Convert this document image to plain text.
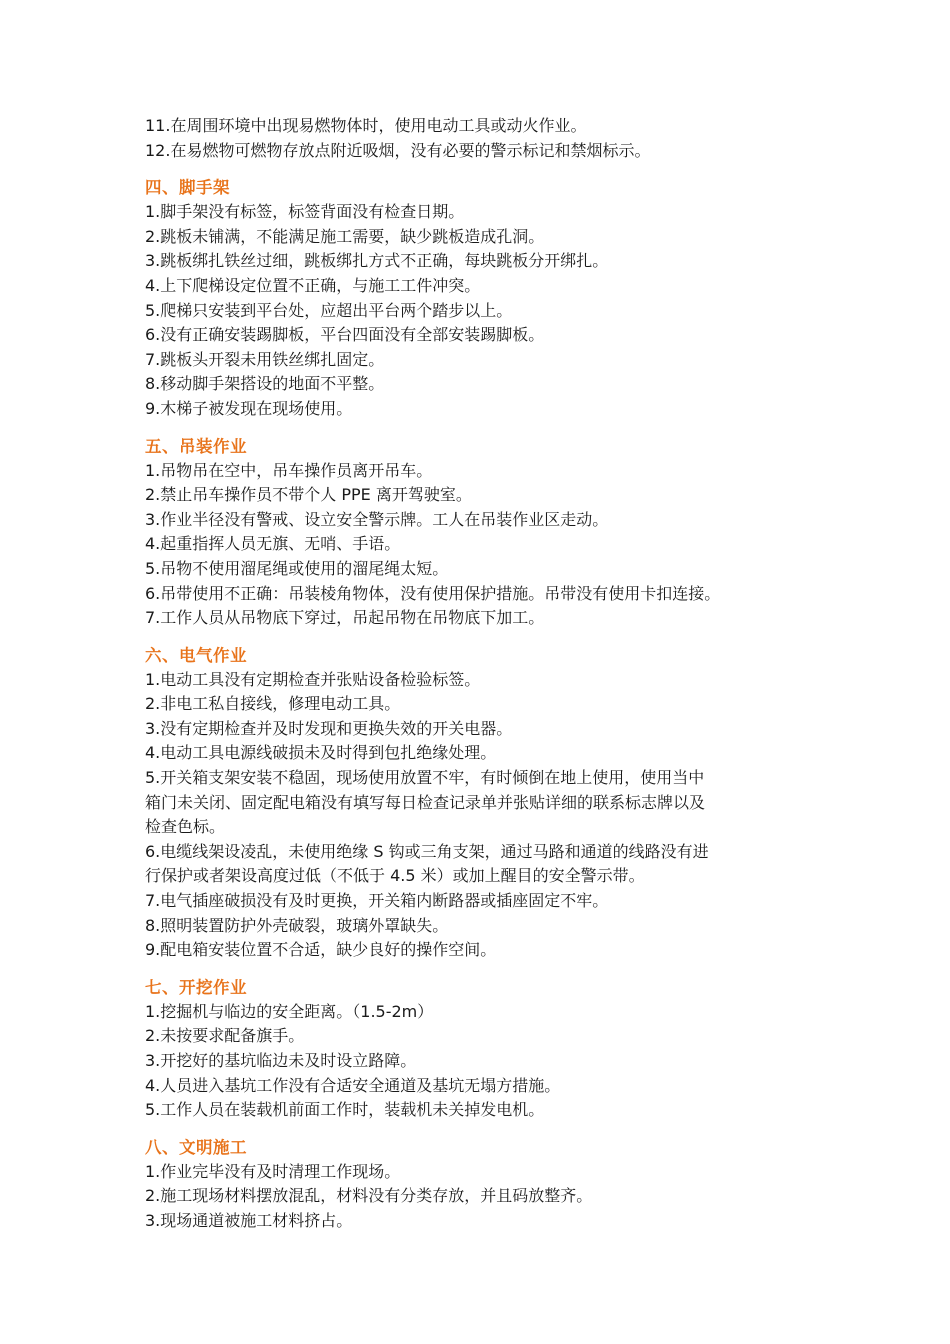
11.在周围环境中出现易燃物体时，使用电动工具或动火作业。
12.在易燃物可燃物存放点附近吸烟，没有必要的警示标记和禁烟标示。
四、脚手架
1.脚手架没有标签，标签背面没有检查日期。
2.跳板未铺满，不能满足施工需要，缺少跳板造成孔洞。
3.跳板绑扎铁丝过细，跳板绑扎方式不正确，每块跳板分开绑扎。
4.上下爬梯设定位置不正确，与施工工件冲突。
5.爬梯只安装到平台处，应超出平台两个踏步以上。
6.没有正确安装踢脚板，平台四面没有全部安装踢脚板。
7.跳板头开裂未用铁丝绑扎固定。
8.移动脚手架搭设的地面不平整。
9.木梯子被发现在现场使用。
五、吊装作业
1.吊物吊在空中，吊车操作员离开吊车。
2.禁止吊车操作员不带个人 PPE 离开驾驶室。
3.作业半径没有警戒、设立安全警示牌。工人在吊装作业区走动。
4.起重指挥人员无旗、无哨、手语。
5.吊物不使用溜尾绳或使用的溜尾绳太短。
6.吊带使用不正确：吊装棱角物体，没有使用保护措施。吊带没有使用卡扣连接。
7.工作人员从吊物底下穿过，吊起吊物在吊物底下加工。
六、电气作业
1.电动工具没有定期检查并张贴设备检验标签。
2.非电工私自接线，修理电动工具。
3.没有定期检查并及时发现和更换失效的开关电器。
4.电动工具电源线破损未及时得到包扎绝缘处理。
5.开关箱支架安装不稳固，现场使用放置不牢，有时倾倒在地上使用，使用当中
箱门未关闭、固定配电箱没有填写每日检查记录单并张贴详细的联系标志牌以及
检查色标。
6.电缆线架设凌乱，未使用绝缘 S 钩或三角支架，通过马路和通道的线路没有进
行保护或者架设高度过低（不低于 4.5 米）或加上醒目的安全警示带。
7.电气插座破损没有及时更换，开关箱内断路器或插座固定不牢。
8.照明装置防护外壳破裂，玻璃外罩缺失。
9.配电箱安装位置不合适，缺少良好的操作空间。
七、开挖作业
1.挖掘机与临边的安全距离。（1.5-2m）
2.未按要求配备旗手。
3.开挖好的基坑临边未及时设立路障。
4.人员进入基坑工作没有合适安全通道及基坑无塌方措施。
5.工作人员在装载机前面工作时，装载机未关掉发电机。
八、文明施工
1.作业完毕没有及时清理工作现场。
2.施工现场材料摆放混乱，材料没有分类存放，并且码放整齐。
3.现场通道被施工材料挤占。
